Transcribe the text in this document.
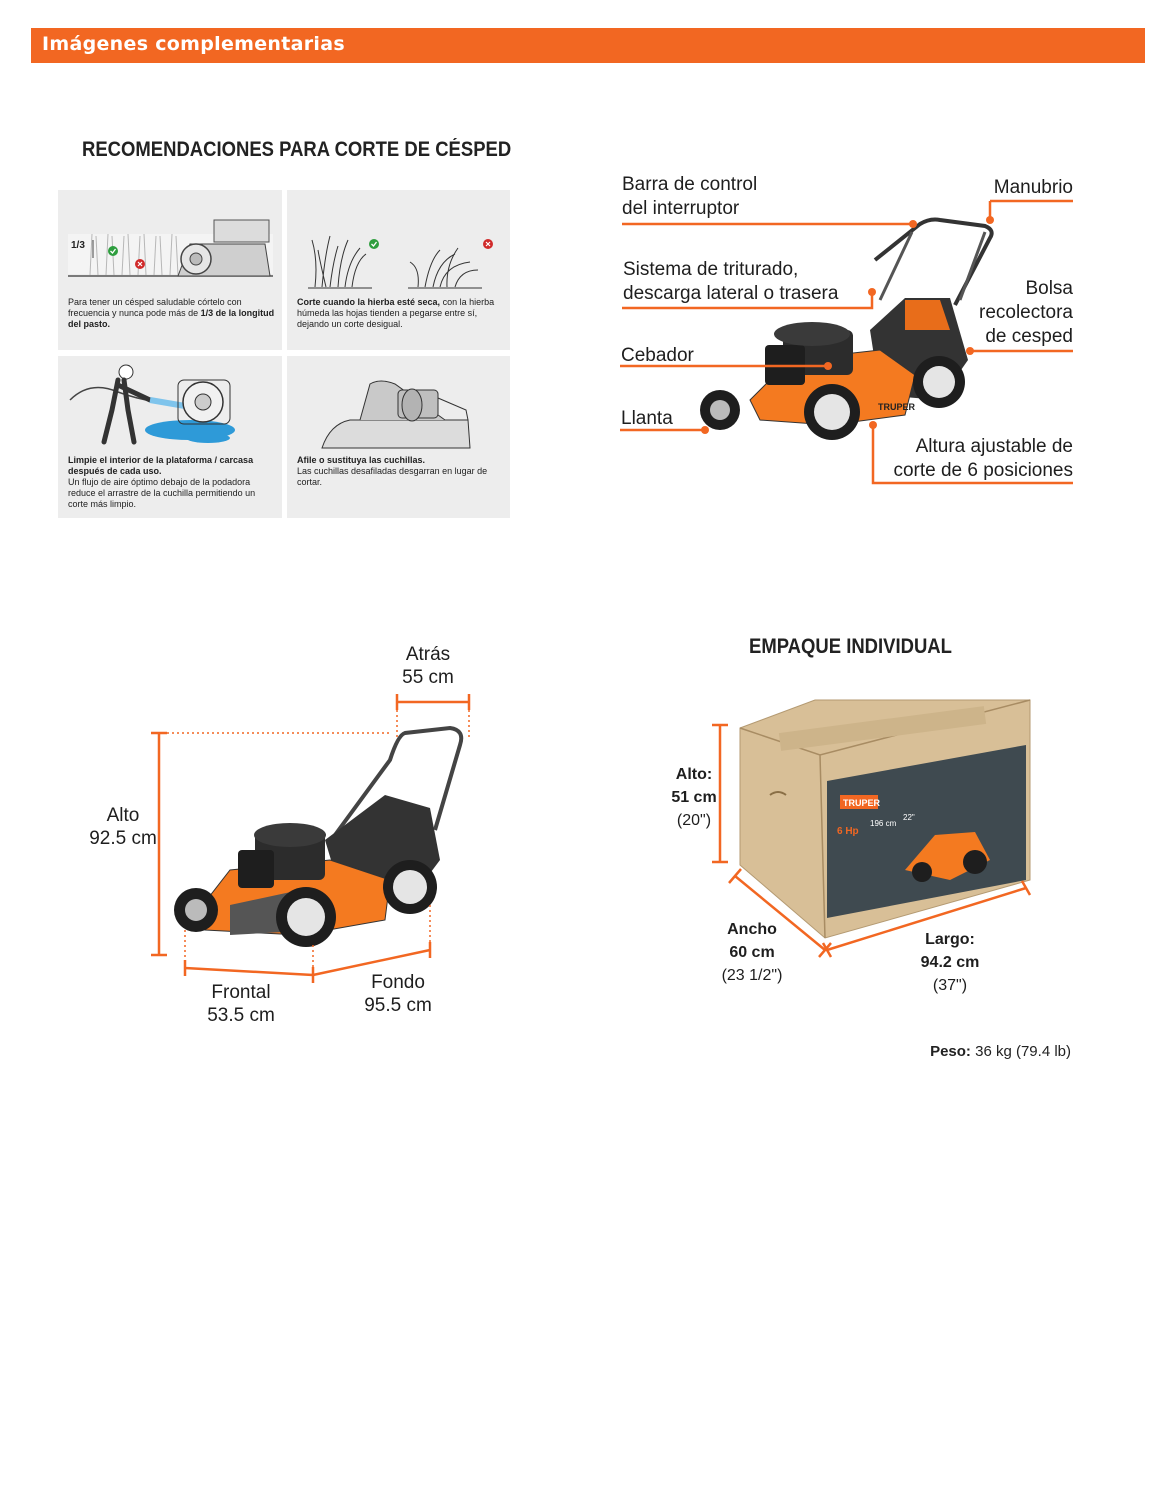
Imágenes complementarias
RECOMENDACIONES PARA CORTE DE CÉSPED
TRUPER
TRUPER
6 Hp
196 cm
22"
1/3
Para tener un césped saludable córtelo con frecuencia y nunca pode más de 1/3 de la longitud del pasto.
Corte cuando la hierba esté seca, con la hierba húmeda las hojas tienden a pegarse entre sí, dejando un corte desigual.
Limpie el interior de la plataforma / carcasa después de cada uso.
Un flujo de aire óptimo debajo de la podadora reduce el arrastre de la cuchilla permitiendo un corte más limpio.
Afile o sustituya las cuchillas.
Las cuchillas desafiladas desgarran en lugar de cortar.
Barra de control
del interruptor
Manubrio
Sistema de triturado,
descarga lateral o trasera	Bolsa
recolectora
de cesped
Cebador
Llanta
Altura ajustable de
corte de 6 posiciones
Atrás
55 cm
Alto
92.5 cm
Frontal
53.5 cm
Fondo
95.5 cm
EMPAQUE INDIVIDUAL
Alto:
51 cm
(20")
Ancho
60 cm
(23 1/2")
Largo:
94.2 cm
(37")
Peso: 36 kg (79.4 lb)
